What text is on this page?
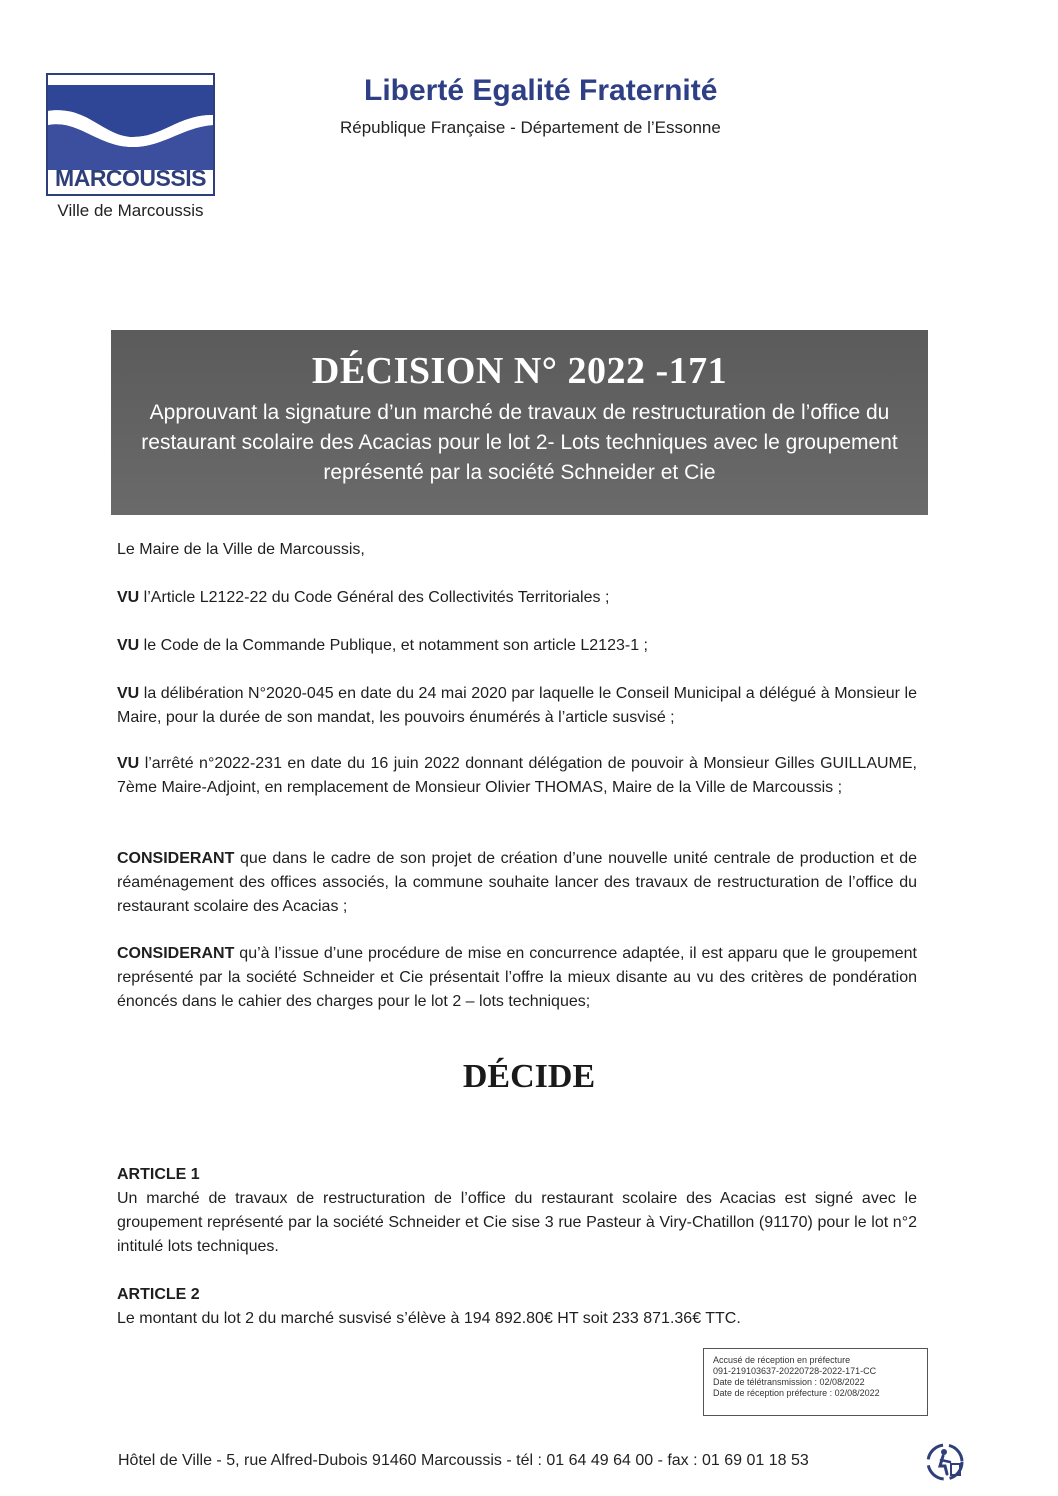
MARCOUSSIS
Ville de Marcoussis
Liberté Egalité Fraternité
République Française - Département de l’Essonne
DÉCISION N° 2022 -171
Approuvant la signature d’un marché de travaux de restructuration de l’office du restaurant scolaire des Acacias pour le lot 2- Lots techniques avec le groupement représenté par la société Schneider et Cie
Le Maire de la Ville de Marcoussis,
VU l’Article L2122-22 du Code Général des Collectivités Territoriales ;
VU le Code de la Commande Publique, et notamment son article L2123-1 ;
VU la délibération N°2020-045 en date du 24 mai 2020 par laquelle le Conseil Municipal a délégué à Monsieur le Maire, pour la durée de son mandat, les pouvoirs énumérés à l’article susvisé ;
VU l’arrêté n°2022-231 en date du 16 juin 2022 donnant délégation de pouvoir à Monsieur Gilles GUILLAUME, 7ème Maire-Adjoint, en remplacement de Monsieur Olivier THOMAS, Maire de la Ville de Marcoussis ;
CONSIDERANT que dans le cadre de son projet de création d’une nouvelle unité centrale de production et de réaménagement des offices associés, la commune souhaite lancer des travaux de restructuration de l’office du restaurant scolaire des Acacias ;
CONSIDERANT qu’à l’issue d’une procédure de mise en concurrence adaptée, il est apparu que le groupement représenté par la société Schneider et Cie présentait l’offre la mieux disante au vu des critères de pondération énoncés dans le cahier des charges pour le lot 2 – lots techniques;
DÉCIDE
ARTICLE 1
Un marché de travaux de restructuration de l’office du restaurant scolaire des Acacias est signé avec le groupement représenté par la société Schneider et Cie sise 3 rue Pasteur à Viry-Chatillon (91170) pour le lot n°2 intitulé lots techniques.
ARTICLE 2
Le montant du lot 2 du marché susvisé s’élève à 194 892.80€ HT soit 233 871.36€ TTC.
Accusé de réception en préfecture
091-219103637-20220728-2022-171-CC
Date de télétransmission : 02/08/2022
Date de réception préfecture : 02/08/2022
Hôtel de Ville - 5, rue Alfred-Dubois 91460 Marcoussis - tél : 01 64 49 64 00 - fax : 01 69 01 18 53
